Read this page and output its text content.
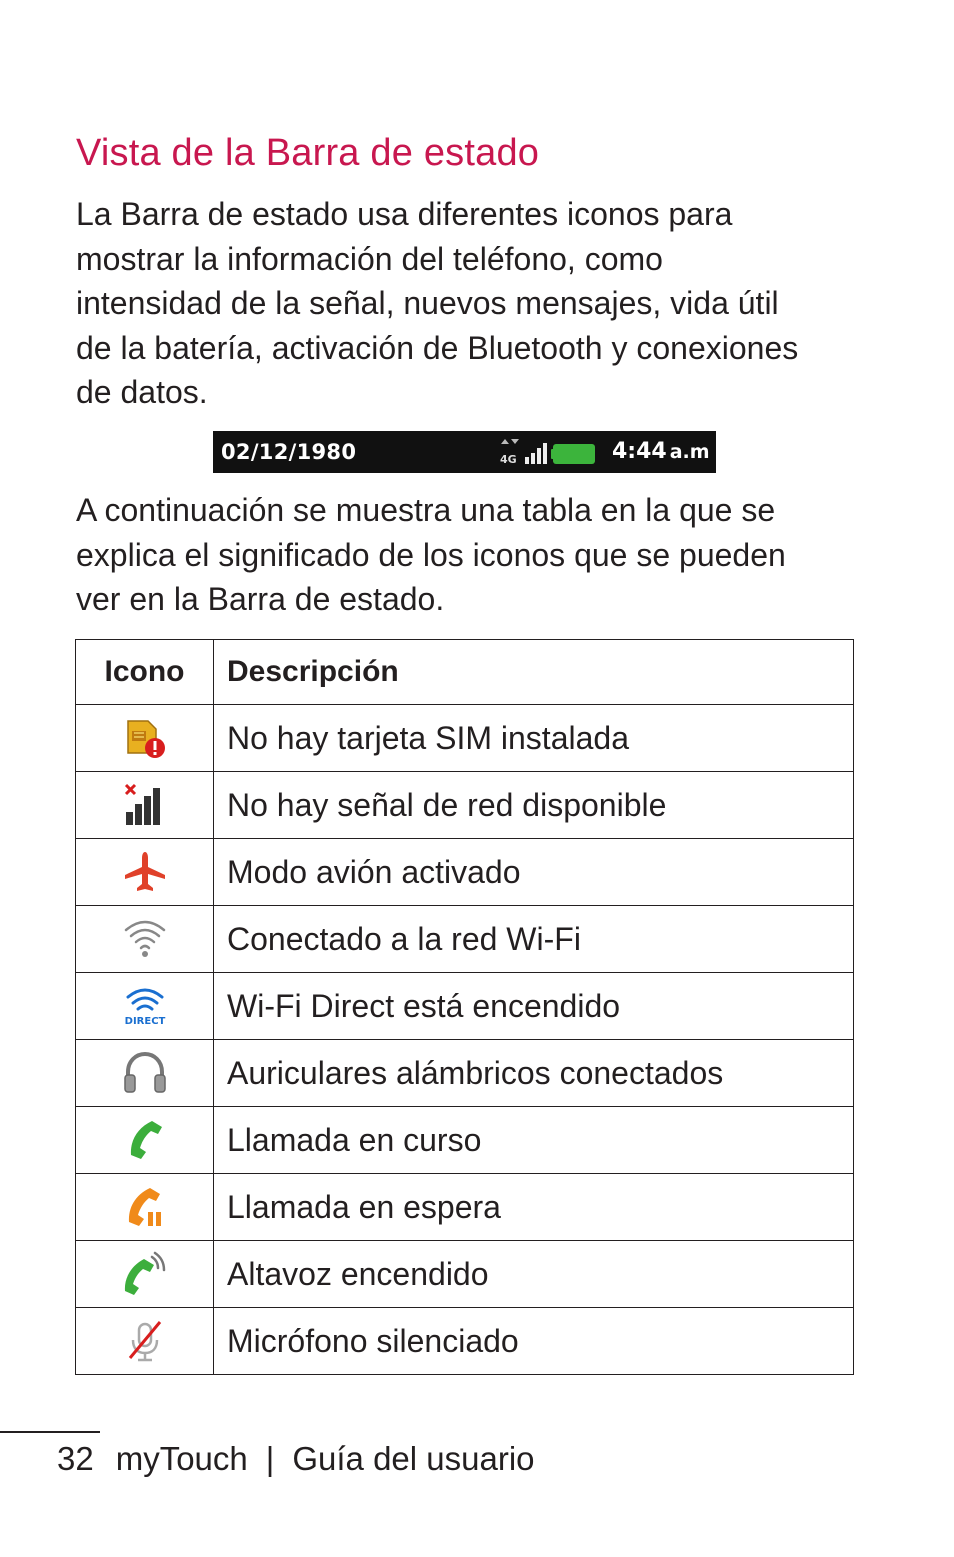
Vista de la Barra de estado

La Barra de estado usa diferentes iconos para
mostrar la información del teléfono, como
intensidad de la señal, nuevos mensajes, vida útil
de la batería, activación de Bluetooth y conexiones
de datos.

02/12/1980	4G	4:44 a.m

A continuación se muestra una tabla en la que se
explica el significado de los iconos que se pueden
ver en la Barra de estado.

Icono	Descripción

	No hay tarjeta SIM instalada

	No hay señal de red disponible

	Modo avión activado

	Conectado a la red Wi-Fi

DIRECT	Wi-Fi Direct está encendido

	Auriculares alámbricos conectados

	Llamada en curso

	Llamada en espera

	Altavoz encendido

	Micrófono silenciado
32 myTouch | Guía del usuario
